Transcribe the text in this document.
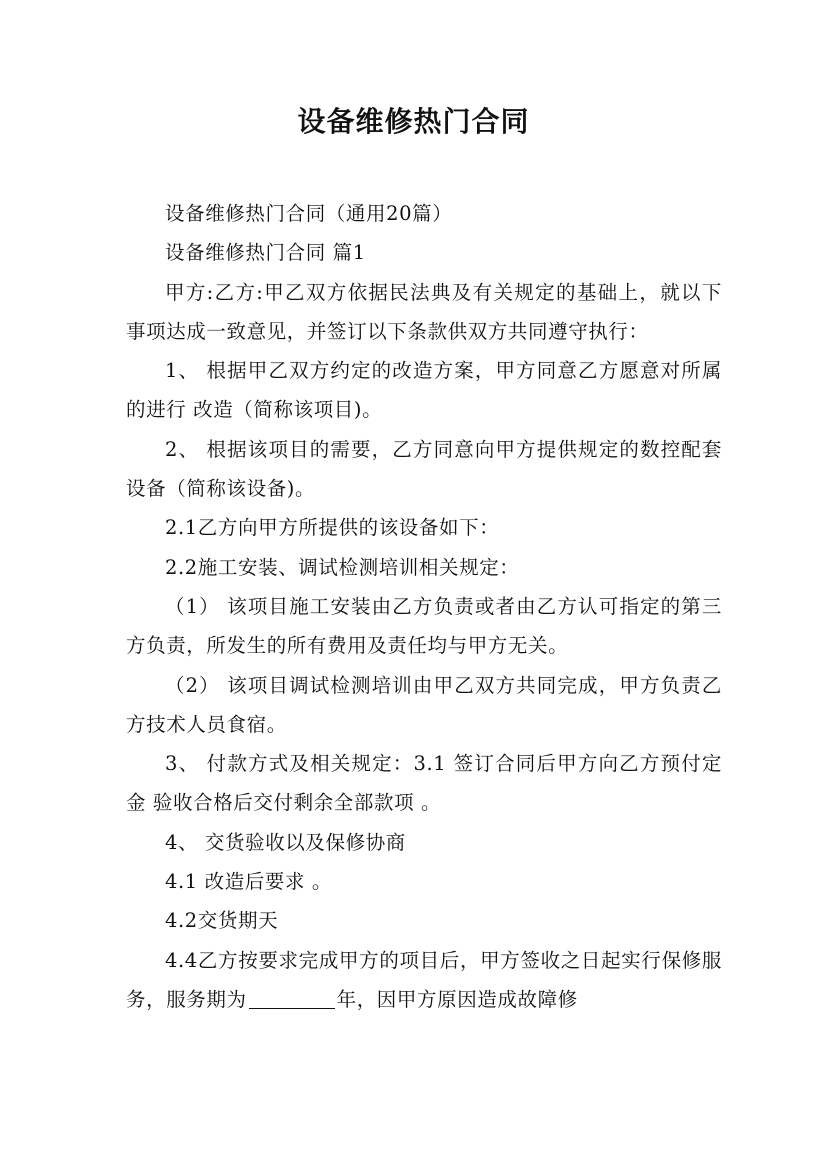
设备维修热门合同

设备维修热门合同（通用20篇）

设备维修热门合同 篇1

甲方:乙方:甲乙双方依据民法典及有关规定的基础上，就以下事项达成一致意见，并签订以下条款供双方共同遵守执行：

1、 根据甲乙双方约定的改造方案，甲方同意乙方愿意对所属的进行 改造（简称该项目)。

2、 根据该项目的需要，乙方同意向甲方提供规定的数控配套设备（简称该设备)。

2.1乙方向甲方所提供的该设备如下：

2.2施工安装、调试检测培训相关规定：

（1） 该项目施工安装由乙方负责或者由乙方认可指定的第三方负责，所发生的所有费用及责任均与甲方无关。

（2） 该项目调试检测培训由甲乙双方共同完成，甲方负责乙方技术人员食宿。

3、 付款方式及相关规定：3.1 签订合同后甲方向乙方预付定金 验收合格后交付剩余全部款项 。

4、 交货验收以及保修协商

4.1 改造后要求 。

4.2交货期天

4.4乙方按要求完成甲方的项目后，甲方签收之日起实行保修服务，服务期为	年，因甲方原因造成故障修
